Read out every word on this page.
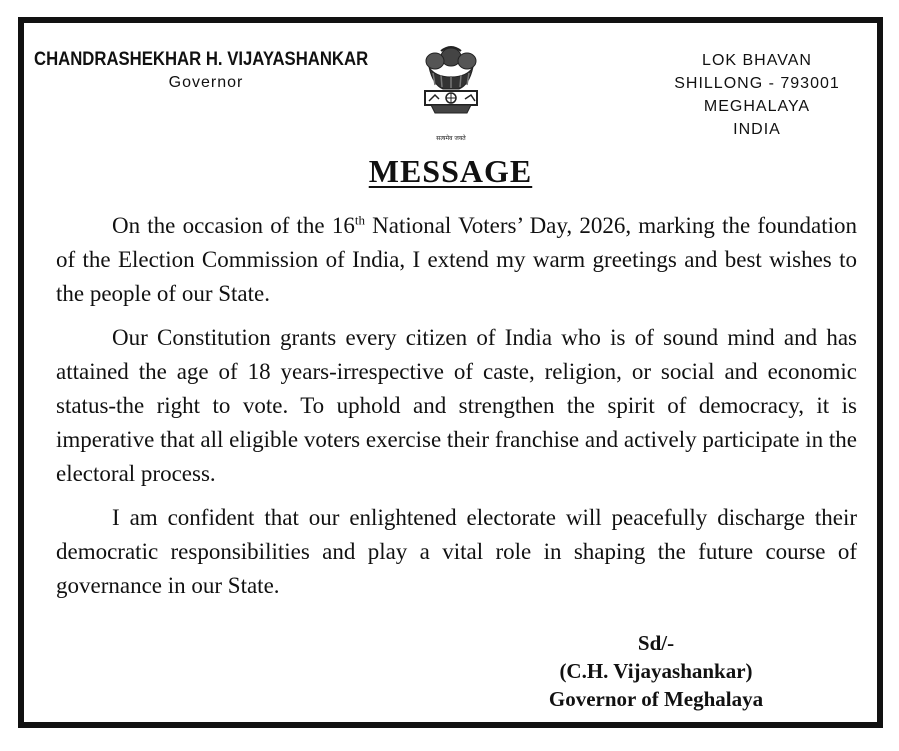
CHANDRASHEKHAR H. VIJAYASHANKAR
Governor
सत्यमेव जयते
LOK BHAVAN
SHILLONG - 793001
MEGHALAYA
INDIA
MESSAGE

On the occasion of the 16th National Voters’ Day, 2026, marking the foundation of the Election Commission of India, I extend my warm greetings and best wishes to the people of our State.

Our Constitution grants every citizen of India who is of sound mind and has attained the age of 18 years-irrespective of caste, religion, or social and economic status-the right to vote. To uphold and strengthen the spirit of democracy, it is imperative that all eligible voters exercise their franchise and actively participate in the electoral process.

I am confident that our enlightened electorate will peacefully discharge their democratic responsibilities and play a vital role in shaping the future course of governance in our State.

Sd/-
(C.H. Vijayashankar)
Governor of Meghalaya
